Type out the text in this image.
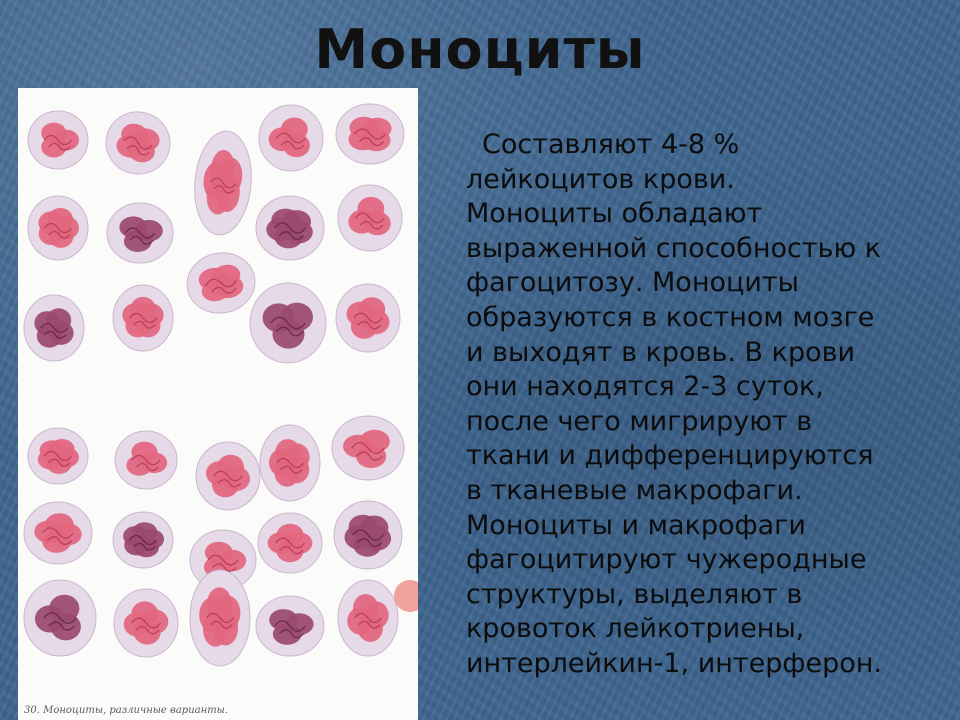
Моноциты
30. Моноциты, различные варианты.
Составляют 4-8 %
лейкоцитов крови.
Моноциты обладают
выраженной способностью к
фагоцитозу. Моноциты
образуются в костном мозге
и выходят в кровь. В крови
они находятся 2-3 суток,
после чего мигрируют в
ткани и дифференцируются
в тканевые макрофаги.
Моноциты и макрофаги
фагоцитируют чужеродные
структуры, выделяют в
кровоток лейкотриены,
интерлейкин-1, интерферон.
